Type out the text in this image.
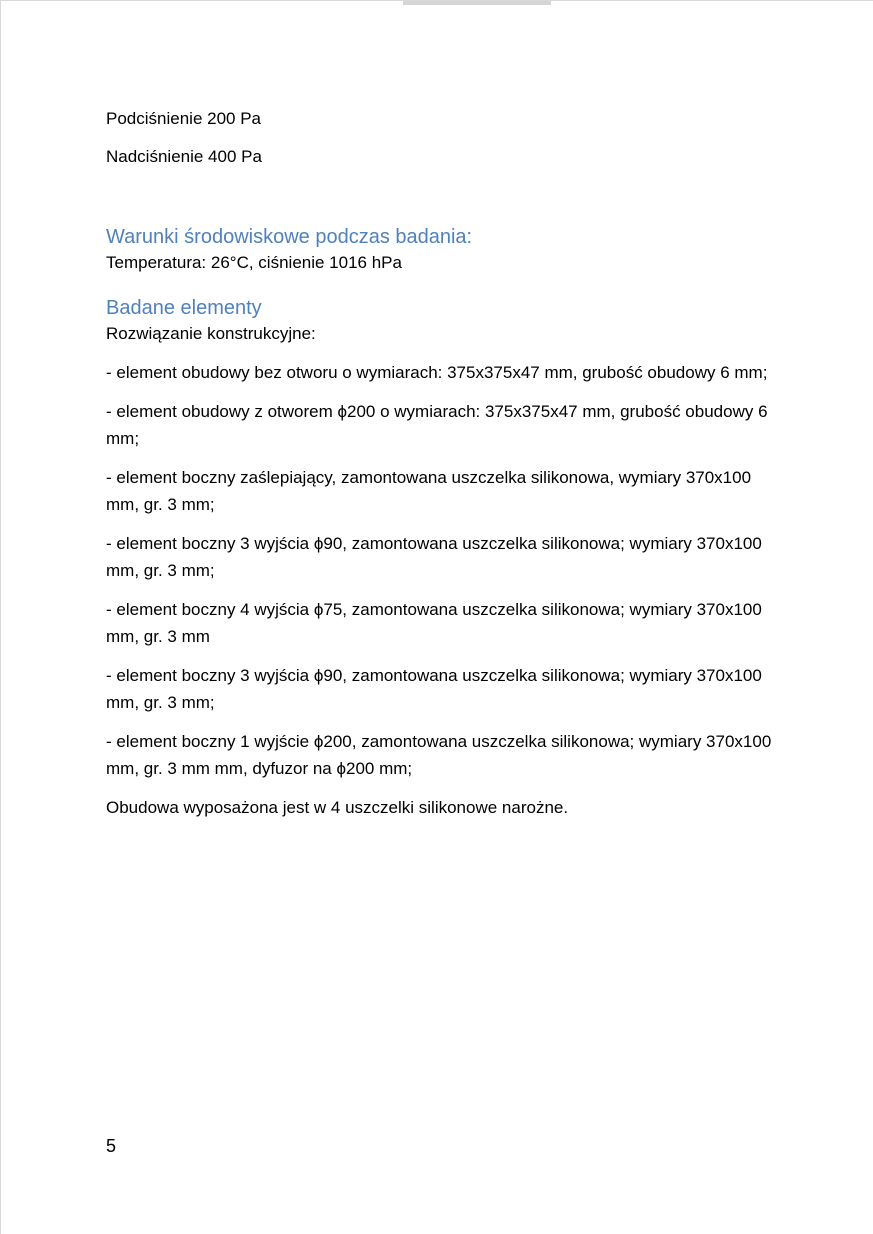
Podciśnienie 200 Pa

Nadciśnienie 400 Pa

Warunki środowiskowe podczas badania:

Temperatura: 26°C, ciśnienie 1016 hPa

Badane elementy

Rozwiązanie konstrukcyjne:

- element obudowy bez otworu o wymiarach: 375x375x47 mm, grubość obudowy 6 mm;

- element obudowy z otworem ϕ200 o wymiarach: 375x375x47 mm, grubość obudowy 6 mm;

- element boczny zaślepiający, zamontowana uszczelka silikonowa, wymiary 370x100 mm, gr. 3 mm;

- element boczny 3 wyjścia ϕ90, zamontowana uszczelka silikonowa; wymiary 370x100 mm, gr. 3 mm;

- element boczny 4 wyjścia ϕ75, zamontowana uszczelka silikonowa; wymiary 370x100 mm, gr. 3 mm

- element boczny 3 wyjścia ϕ90, zamontowana uszczelka silikonowa; wymiary 370x100 mm, gr. 3 mm;

- element boczny 1 wyjście ϕ200, zamontowana uszczelka silikonowa; wymiary 370x100 mm, gr. 3 mm mm, dyfuzor na ϕ200 mm;

Obudowa wyposażona jest w 4 uszczelki silikonowe narożne.

5
